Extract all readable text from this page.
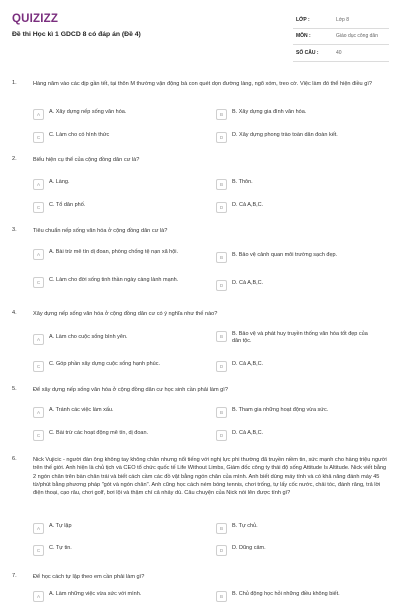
QUIZIZZ
Đề thi Học kì 1 GDCD 8 có đáp án (Đề 4)
LỚP :	Lớp 8
MÔN :	Giáo dục công dân
SỐ CÂU :	40
1.	Hàng năm vào các dịp gần tết, tại thôn M thường vận động bà con quét dọn đường làng, ngõ xóm, treo cờ. Việc làm đó thể hiện điều gì?
A	A. Xây dựng nếp sống văn hóa.	B	B. Xây dựng gia đình văn hóa.
C	C. Làm cho có hình thức	D	D. Xây dựng phong trào toàn dân đoàn kết.
2.	Biểu hiện cụ thể của cộng đồng dân cư là?
A	A. Làng.	B	B. Thôn.
C	C. Tổ dân phố.	D	D. Cả A,B,C.
3.	Tiêu chuẩn nếp sống văn hóa ở cộng đồng dân cư là?
A	A. Bài trừ mê tín dị đoan, phòng chống tệ nạn xã hội.
B	B. Bảo vệ cảnh quan môi trường sạch đẹp.
C	C. Làm cho đời sống tinh thần ngày càng lành mạnh.
D	D. Cả A,B,C.
4.	Xây dựng nếp sống văn hóa ở cộng đồng dân cư có ý nghĩa như thế nào?
A	A. Làm cho cuộc sống bình yên.	B	B. Bảo vệ và phát huy truyền thống văn hóa tốt đẹp của dân tộc.
C	C. Góp phần xây dựng cuộc sống hạnh phúc.	D	D. Cả A,B,C.
5.	Để xây dựng nếp sống văn hóa ở cộng đồng dân cư học sinh cần phải làm gì?
A	A. Tránh các việc làm xấu.	B	B. Tham gia những hoạt động vừa sức.
C	C. Bài trừ các hoạt động mê tín, dị đoan.	D	D. Cả A,B,C.
6.	Nick Vujicic - người đàn ông không tay không chân nhưng nổi tiếng với nghị lực phi thường đã truyền niềm tin, sức mạnh cho hàng triệu người trên thế giới. Anh hiện là chủ tịch và CEO tổ chức quốc tế Life Without Limbs, Giám đốc công ty thái độ sống Attitude Is Altitude. Nick viết bằng 2 ngón chân trên bàn chân trái và biết cách cầm các đồ vật bằng ngón chân của mình. Anh biết dùng máy tính và có khả năng đánh máy 45 từ/phút bằng phương pháp "gót và ngón chân". Anh cũng học cách ném bóng tennis, chơi trống, tự lấy cốc nước, chải tóc, đánh răng, trả lời điện thoại, cạo râu, chơi golf, bơi lội và thậm chí cả nhảy dù. Câu chuyện của Nick nói lên được tính gì?
A	A. Tự lập	B	B. Tự chủ.
C	C. Tự tin.	D	D. Dũng cảm.
7.	Để học cách tự lập theo em cần phải làm gì?
A	A. Làm những việc vừa sức với mình.	B	B. Chủ động học hỏi những điều không biết.
